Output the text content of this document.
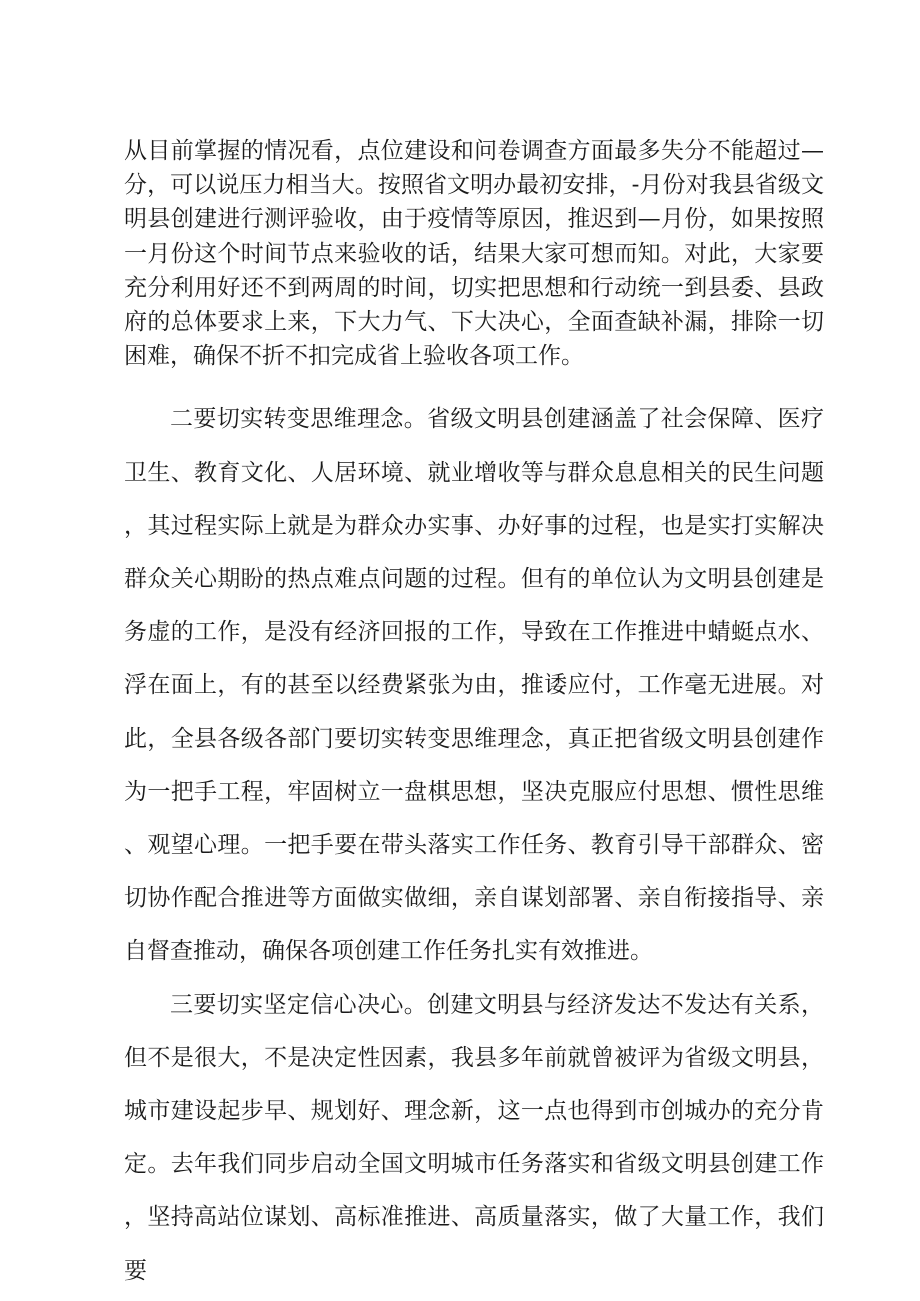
从目前掌握的情况看，点位建设和问卷调查方面最多失分不能超过—分，可以说压力相当大。按照省文明办最初安排，-月份对我县省级文明县创建进行测评验收，由于疫情等原因，推迟到—月份，如果按照一月份这个时间节点来验收的话，结果大家可想而知。对此，大家要充分利用好还不到两周的时间，切实把思想和行动统一到县委、县政府的总体要求上来，下大力气、下大决心，全面查缺补漏，排除一切困难，确保不折不扣完成省上验收各项工作。

二要切实转变思维理念。省级文明县创建涵盖了社会保障、医疗卫生、教育文化、人居环境、就业增收等与群众息息相关的民生问题，其过程实际上就是为群众办实事、办好事的过程，也是实打实解决群众关心期盼的热点难点问题的过程。但有的单位认为文明县创建是务虚的工作，是没有经济回报的工作，导致在工作推进中蜻蜓点水、浮在面上，有的甚至以经费紧张为由，推诿应付，工作毫无进展。对此，全县各级各部门要切实转变思维理念，真正把省级文明县创建作为一把手工程，牢固树立一盘棋思想，坚决克服应付思想、惯性思维、观望心理。一把手要在带头落实工作任务、教育引导干部群众、密切协作配合推进等方面做实做细，亲自谋划部署、亲自衔接指导、亲自督查推动，确保各项创建工作任务扎实有效推进。

三要切实坚定信心决心。创建文明县与经济发达不发达有关系，但不是很大，不是决定性因素，我县多年前就曾被评为省级文明县，城市建设起步早、规划好、理念新，这一点也得到市创城办的充分肯定。去年我们同步启动全国文明城市任务落实和省级文明县创建工作，坚持高站位谋划、高标准推进、高质量落实，做了大量工作，我们要
